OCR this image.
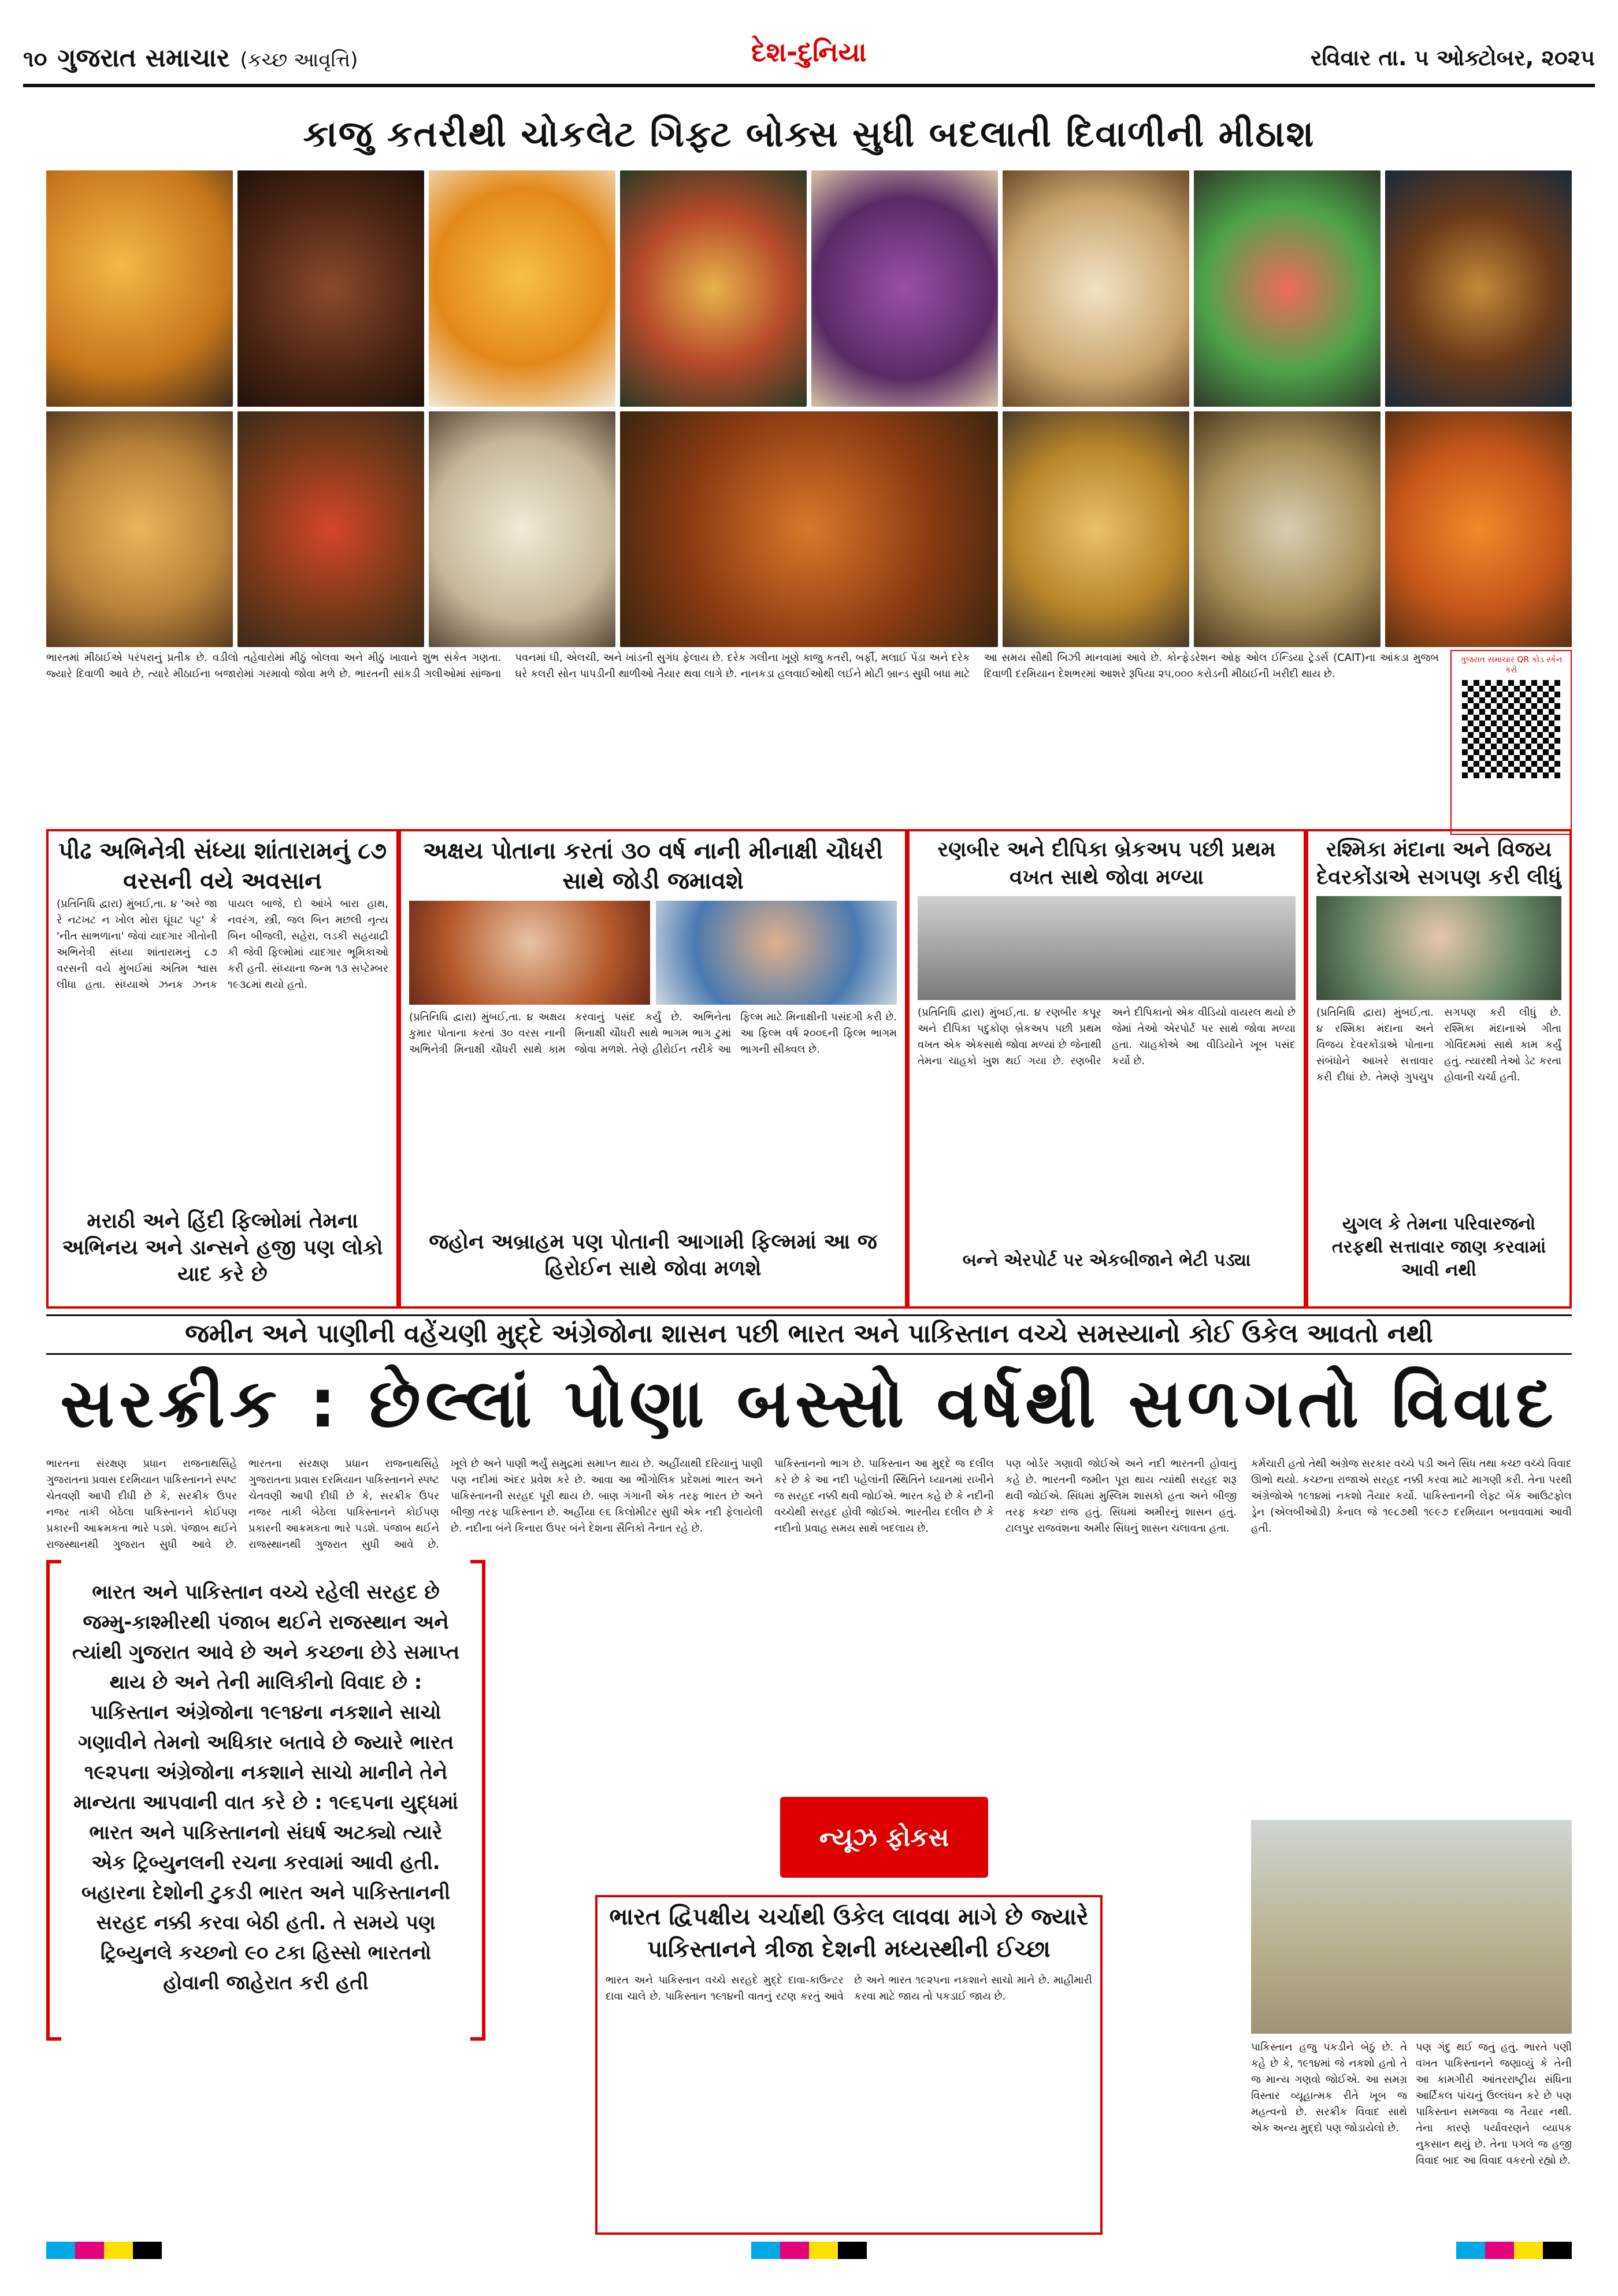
૧૦ ગુજરાત સમાચાર (કચ્છ આવૃત્તિ)	દેશ-દુનિયા	રવિવાર તા. ૫ ઓક્ટોબર, ૨૦૨૫
કાજુ કતરીથી ચોકલેટ ગિફ્ટ બોક્સ સુધી બદલાતી દિવાળીની મીઠાશ
ભારતમાં મીઠાઈએ પરંપરાનું પ્રતીક છે. વડીલો તહેવારોમાં મીઠું બોલવા અને મીઠું ખાવાને શુભ સંકેત ગણતા. જ્યારે દિવાળી આવે છે, ત્યારે મીઠાઈના બજારોમાં ગરમાવો જોવા મળે છે. ભારતની સાંકડી ગલીઓમાં સાંજના પવનમાં ઘી, એલચી, અને ખાંડની સુગંધ ફેલાય છે. દરેક ગલીના ખૂણે કાજુ કતરી, બર્ફી, મલાઈ પેંડા અને દરેક ઘરે કલરી સોન પાપડીની થાળીઓ તૈયાર થવા લાગે છે. નાનકડા હલવાઈઓથી લઈને મોટી બ્રાન્ડ સુધી બધા માટે આ સમય સૌથી બિઝી માનવામાં આવે છે. કોન્ફેડરેશન ઓફ ઓલ ઈન્ડિયા ટ્રેડર્સ (CAIT)ના આંકડા મુજબ દિવાળી દરમિયાન દેશભરમાં આશરે રૂપિયા ૨૫,૦૦૦ કરોડની મીઠાઈની ખરીદી થાય છે.
ગુજરાત સમાચાર QR કોડ સ્કેન કરો
પીઢ અભિનેત્રી સંધ્યા શાંતારામનું ૮૭ વરસની વયે અવસાન
(પ્રતિનિધિ દ્વારા) મુંબઈ,તા. ૪ 'અરે જા રે નટખટ ન ખોલ મોરા ઘૂંઘટ પટ્ટ' કે 'નીત સાભળાના' જેવાં યાદગાર ગીતોની અભિનેત્રી સંધ્યા શાંતારામનું ૮૭ વરસની વયે મુંબઈમાં અંતિમ શ્વાસ લીધા હતા. સંધ્યાએ ઝનક ઝનક પાયલ બાજે, દો આંખે બારા હાથ, નવરંગ, સ્ત્રી, જલ બિન મછલી નૃત્ય બિન બીજલી, સહેરા, લડકી સહયાદ્રી કી જેવી ફિલ્મોમાં યાદગાર ભૂમિકાઓ કરી હતી. સંધ્યાના જન્મ ૧૩ સપ્ટેમ્બર ૧૯૩૮માં થયો હતો.
મરાઠી અને હિંદી ફિલ્મોમાં તેમના અભિનય અને ડાન્સને હજી પણ લોકો યાદ કરે છે
અક્ષય પોતાના કરતાં ૩૦ વર્ષ નાની મીનાક્ષી ચૌધરી સાથે જોડી જમાવશે
(પ્રતિનિધિ દ્વારા) મુંબઈ,તા. ૪ અક્ષય કુમાર પોતાના કરતાં ૩૦ વરસ નાની અભિનેત્રી મિનાક્ષી ચૌધરી સાથે કામ કરવાનું પસંદ કર્યું છે. અભિનેતા મિનાક્ષી ચૌધરી સાથે ભાગમ ભાગ ટુમાં જોવા મળશે. તેણે હીરોઈન તરીકે આ ફિલ્મ માટે મિનાક્ષીની પસંદગી કરી છે. આ ફિલ્મ વર્ષ ૨૦૦૬ની ફિલ્મ ભાગમ ભાગની સીક્વલ છે.
જહોન અબ્રાહમ પણ પોતાની આગામી ફિલ્મમાં આ જ હિરોઈન સાથે જોવા મળશે
રણબીર અને દીપિકા બ્રેકઅપ પછી પ્રથમ વખત સાથે જોવા મળ્યા
(પ્રતિનિધિ દ્વારા) મુંબઈ,તા. ૪ રણબીર કપૂર અને દીપિકા પદુકોણ બ્રેકઅપ પછી પ્રથમ વખત એક એકસાથે જોવા મળ્યાં છે જેનાથી તેમના ચાહકો ખુશ થઈ ગયા છે. રણબીર અને દીપિકાનો એક વીડિયો વાયરલ થયો છે જેમાં તેઓ એરપોર્ટ પર સાથે જોવા મળ્યા હતા. ચાહકોએ આ વીડિયોને ખૂબ પસંદ કર્યો છે.
બન્ને એરપોર્ટ પર એકબીજાને ભેટી પડ્યા
રશ્મિકા મંદાના અને વિજય દેવરકોંડાએ સગપણ કરી લીધું
(પ્રતિનિધિ દ્વારા) મુંબઈ,તા. ૪ રશ્મિકા મંદાના અને વિજય દેવરકોંડાએ પોતાના સંબંધોને આખરે સત્તાવાર કરી દીધાં છે. તેમણે ગુપચુપ સગપણ કરી લીધું છે. રશ્મિકા મંદાનાએ ગીતા ગોવિંદમમાં સાથે કામ કર્યું હતું. ત્યારથી તેઓ ડેટ કરતા હોવાની ચર્ચા હતી.
યુગલ કે તેમના પરિવારજનો તરફથી સત્તાવાર જાણ કરવામાં આવી નથી
જમીન અને પાણીની વહેંચણી મુદ્દે અંગ્રેજોના શાસન પછી ભારત અને પાકિસ્તાન વચ્ચે સમસ્યાનો કોઈ ઉકેલ આવતો નથી
સરક્રીક : છેલ્લાં પોણા બસ્સો વર્ષથી સળગતો વિવાદ
ભારતના સંરક્ષણ પ્રધાન રાજનાથસિંહે ગુજરાતના પ્રવાસ દરમિયાન પાકિસ્તાનને સ્પષ્ટ ચેતવણી આપી દીધી છે કે, સરક્રીક ઉપર નજર તાકી બેઠેલા પાકિસ્તાનને કોઈપણ પ્રકારની આક્રમકતા ભારે પડશે. પંજાબ થઈને રાજસ્થાનથી ગુજરાત સુધી આવે છે.
ભારતના સંરક્ષણ પ્રધાન રાજનાથસિંહે ગુજરાતના પ્રવાસ દરમિયાન પાકિસ્તાનને સ્પષ્ટ ચેતવણી આપી દીધી છે કે, સરક્રીક ઉપર નજર તાકી બેઠેલા પાકિસ્તાનને કોઈપણ પ્રકારની આક્રમકતા ભારે પડશે. પંજાબ થઈને રાજસ્થાનથી ગુજરાત સુધી આવે છે.
ભારત અને પાકિસ્તાન વચ્ચે રહેલી સરહદ છે જમ્મુ-કાશ્મીરથી પંજાબ થઈને રાજસ્થાન અને ત્યાંથી ગુજરાત આવે છે અને કચ્છના છેડે સમાપ્ત થાય છે અને તેની માલિકીનો વિવાદ છે : પાકિસ્તાન અંગ્રેજોના ૧૯૧૪ના નકશાને સાચો ગણાવીને તેમનો અધિકાર બતાવે છે જ્યારે ભારત ૧૯૨૫ના અંગ્રેજોના નકશાને સાચો માનીને તેને માન્યતા આપવાની વાત કરે છે : ૧૯૬૫ના યુદ્ધમાં ભારત અને પાકિસ્તાનનો સંઘર્ષ અટક્યો ત્યારે એક ટ્રિબ્યુનલની રચના કરવામાં આવી હતી. બહારના દેશોની ટુકડી ભારત અને પાકિસ્તાનની સરહદ નક્કી કરવા બેઠી હતી. તે સમયે પણ ટ્રિબ્યુનલે કચ્છનો ૯૦ ટકા હિસ્સો ભારતનો હોવાની જાહેરાત કરી હતી
ખૂલે છે અને પાણી ભર્યું સમુદ્રમાં સમાપ્ત થાય છે. અહીંયાથી દરિયાનું પાણી પણ નદીમાં અંદર પ્રવેશ કરે છે. આવા આ ભૌગોલિક પ્રદેશમાં ભારત અને પાકિસ્તાનની સરહદ પૂરી થાય છે. બાણ ગંગાની એક તરફ ભારત છે અને બીજી તરફ પાકિસ્તાન છે. અહીંયા ૯૬ કિલોમીટર સુધી એક નદી ફેલાયેલી છે. નદીના બંને કિનારા ઉપર બંને દેશના સૈનિકો તૈનાત રહે છે.
પાકિસ્તાનનો ભાગ છે. પાકિસ્તાન આ મુદ્દે જ દલીલ કરે છે કે આ નદી પહેલાંની સ્થિતિને ધ્યાનમાં રાખીને જ સરહદ નક્કી થવી જોઈએ. ભારત કહે છે કે નદીની વચ્ચેથી સરહદ હોવી જોઈએ. ભારતીય દલીલ છે કે નદીનો પ્રવાહ સમય સાથે બદલાય છે.
પણ બોર્ડર ગણાવી જોઈએ અને નદી ભારતની હોવાનું કહે છે. ભારતની જમીન પૂરા થાય ત્યાંથી સરહદ શરૂ થવી જોઈએ. સિંધમાં મુસ્લિમ શાસકો હતા અને બીજી તરફ કચ્છ રાજ હતું. સિંધમાં અમીરનું શાસન હતું. ટાલપુર રાજવંશના અમીર સિંધનું શાસન ચલાવતા હતા.
કર્મચારી હતો તેથી અંગ્રેજ સરકાર વચ્ચે પડી અને સિંધ તથા કચ્છ વચ્ચે વિવાદ ઊભો થયો. કચ્છના રાજાએ સરહદ નક્કી કરવા માટે માગણી કરી. તેના પરથી અંગ્રેજોએ ૧૯૧૪માં નકશો તૈયાર કર્યો. પાકિસ્તાનની લેફ્ટ બેંક આઉટફોલ ડ્રેન (એલબીઓડી) કેનાલ જે ૧૯૮૭થી ૧૯૯૭ દરમિયાન બનાવવામાં આવી હતી.
ન્યૂઝ ફોકસ
પાકિસ્તાન હજુ પકડીને બેઠું છે. તે કહે છે કે, ૧૯૧૪માં જે નકશો હતો તે જ માન્ય ગણવો જોઈએ. આ સમગ્ર વિસ્તાર વ્યૂહાત્મક રીતે ખૂબ જ મહત્વનો છે. સરક્રીક વિવાદ સાથે એક અન્ય મુદ્દો પણ જોડાયેલો છે.
પણ ગંદુ થઈ જતું હતું. ભારતે પણી વખત પાકિસ્તાનને જણાવ્યું કે તેની આ કામગીરી આંતરરાષ્ટ્રીય સંધિના આર્ટિકલ પાંચનું ઉલ્લંઘન કરે છે પણ પાકિસ્તાન સમજવા જ તૈયાર નથી. તેના કારણે પર્યાવરણને વ્યાપક નુકસાન થયું છે. તેના પગલે જ હજી વિવાદ બાદ આ વિવાદ વકરતો રહ્યો છે.
ભારત દ્વિપક્ષીય ચર્ચાથી ઉકેલ લાવવા માગે છે જ્યારે પાકિસ્તાનને ત્રીજા દેશની મધ્યસ્થીની ઈચ્છા
ભારત અને પાકિસ્તાન વચ્ચે સરહદે મુદ્દે દાવા-કાઉન્ટર દાવા ચાલે છે. પાકિસ્તાન ૧૯૧૪ની વાતનું રટણ કરતું આવે છે અને ભારત ૧૯૨૫ના નકશાને સાચો માને છે. માહીમારી કરવા માટે જાય તો પકડાઈ જાય છે.
